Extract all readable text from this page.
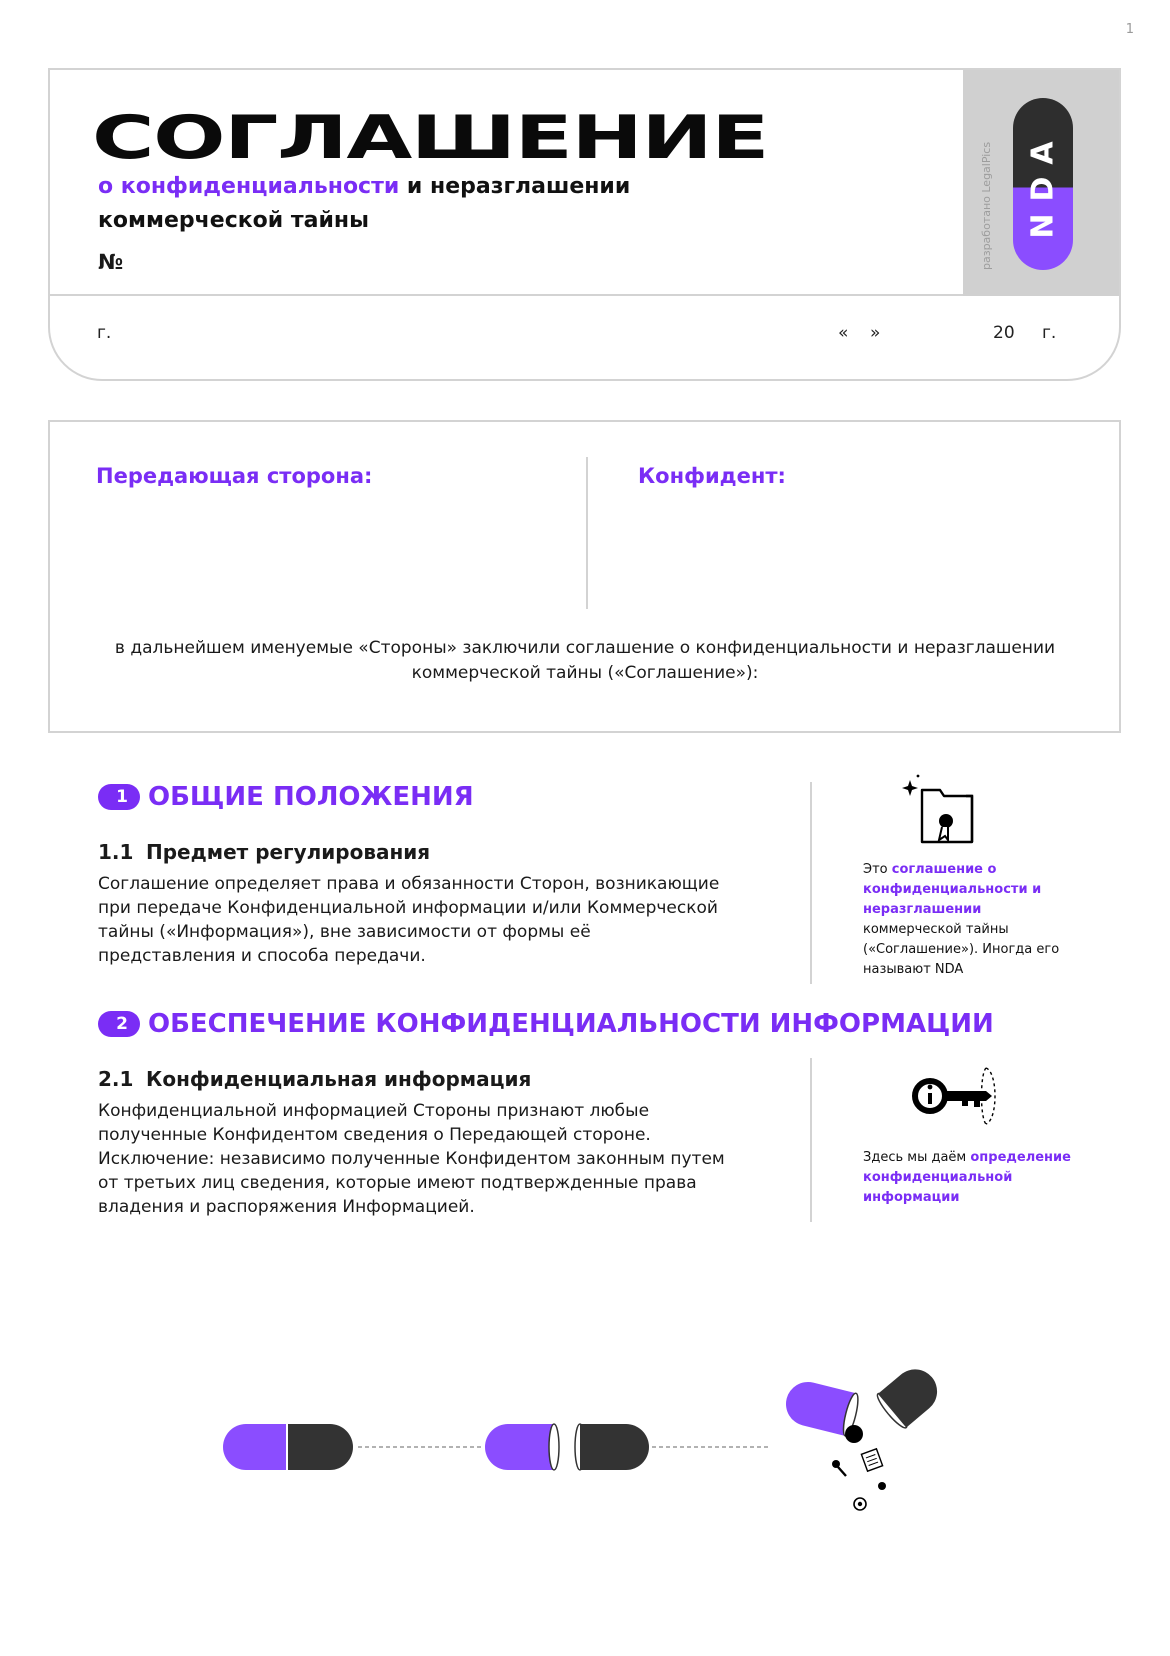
1
СОГЛАШЕНИЕ
о конфиденциальности и неразглашении
коммерческой тайны
№	разработано LegalPics NDA
г.	«    »	20 г.
Передающая сторона:	Конфидент:
в дальнейшем именуемые «Стороны» заключили соглашение о конфиденциальности и неразглашении коммерческой тайны («Соглашение»):
1 ОБЩИЕ ПОЛОЖЕНИЯ
1.1 Предмет регулирования
Соглашение определяет права и обязанности Сторон, возникающие при передаче Конфиденциальной информации и/или Коммерческой тайны («Информация»), вне зависимости от формы её представления и способа передачи.
Это соглашение о конфиденциальности и неразглашении
коммерческой тайны («Соглашение»). Иногда его называют NDA
2 ОБЕСПЕЧЕНИЕ КОНФИДЕНЦИАЛЬНОСТИ ИНФОРМАЦИИ
2.1 Конфиденциальная информация
Конфиденциальной информацией Стороны признают любые полученные Конфидентом сведения о Передающей стороне. Исключение: независимо полученные Конфидентом законным путем от третьих лиц сведения, которые имеют подтвержденные права владения и распоряжения Информацией.
Здесь мы даём определение конфиденциальной информации
